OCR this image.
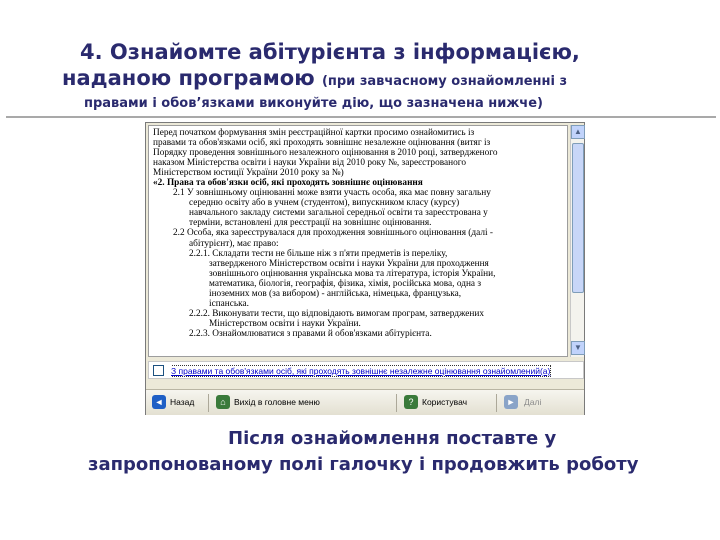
4. Ознайомте абітурієнта з інформацією,
наданою програмою (при завчасному ознайомленні з
правами і обов’язками виконуйте дію, що зазначена нижче)

Перед початком формування змін реєстраційної картки просимо ознайомитись із

правами та обов'язками осіб, які проходять зовнішнє незалежне оцінювання (витяг із

Порядку проведення зовнішнього незалежного оцінювання в 2010 році, затвердженого

наказом Міністерства освіти і науки України від 2010 року №, зареєстрованого

Міністерством юстиції України 2010 року за №)

«2. Права та обов'язки осіб, які проходять зовнішнє оцінювання

2.1 У зовнішньому оцінюванні може взяти участь особа, яка має повну загальну

середню освіту або в учнем (студентом), випускником класу (курсу)

навчального закладу системи загальної середньої освіти та зареєстрована у

терміни, встановлені для реєстрації на зовнішнє оцінювання.

2.2 Особа, яка зареєструвалася для проходження зовнішнього оцінювання (далі -

абітурієнт), має право:

2.2.1. Складати тести не більше ніж з п'яти предметів із переліку,

затвердженого Міністерством освіти і науки України для проходження

зовнішнього оцінювання українська мова та література, історія України,

математика, біологія, географія, фізика, хімія, російська мова, одна з

іноземних мов (за вибором) - англійська, німецька, французька,

іспанська.

2.2.2. Виконувати тести, що відповідають вимогам програм, затверджених

Міністерством освіти і науки України.

2.2.3. Ознайомлюватися з правами й обов'язками абітурієнта.

▲
▼
З правами та обов'язками осіб, які проходять зовнішнє незалежне оцінювання ознайомлений(а)
◄ Назад	⌂ Вихід в головне меню	?	Користувач	► Далі
Після ознайомлення поставте у
запропонованому полі галочку і продовжить роботу
